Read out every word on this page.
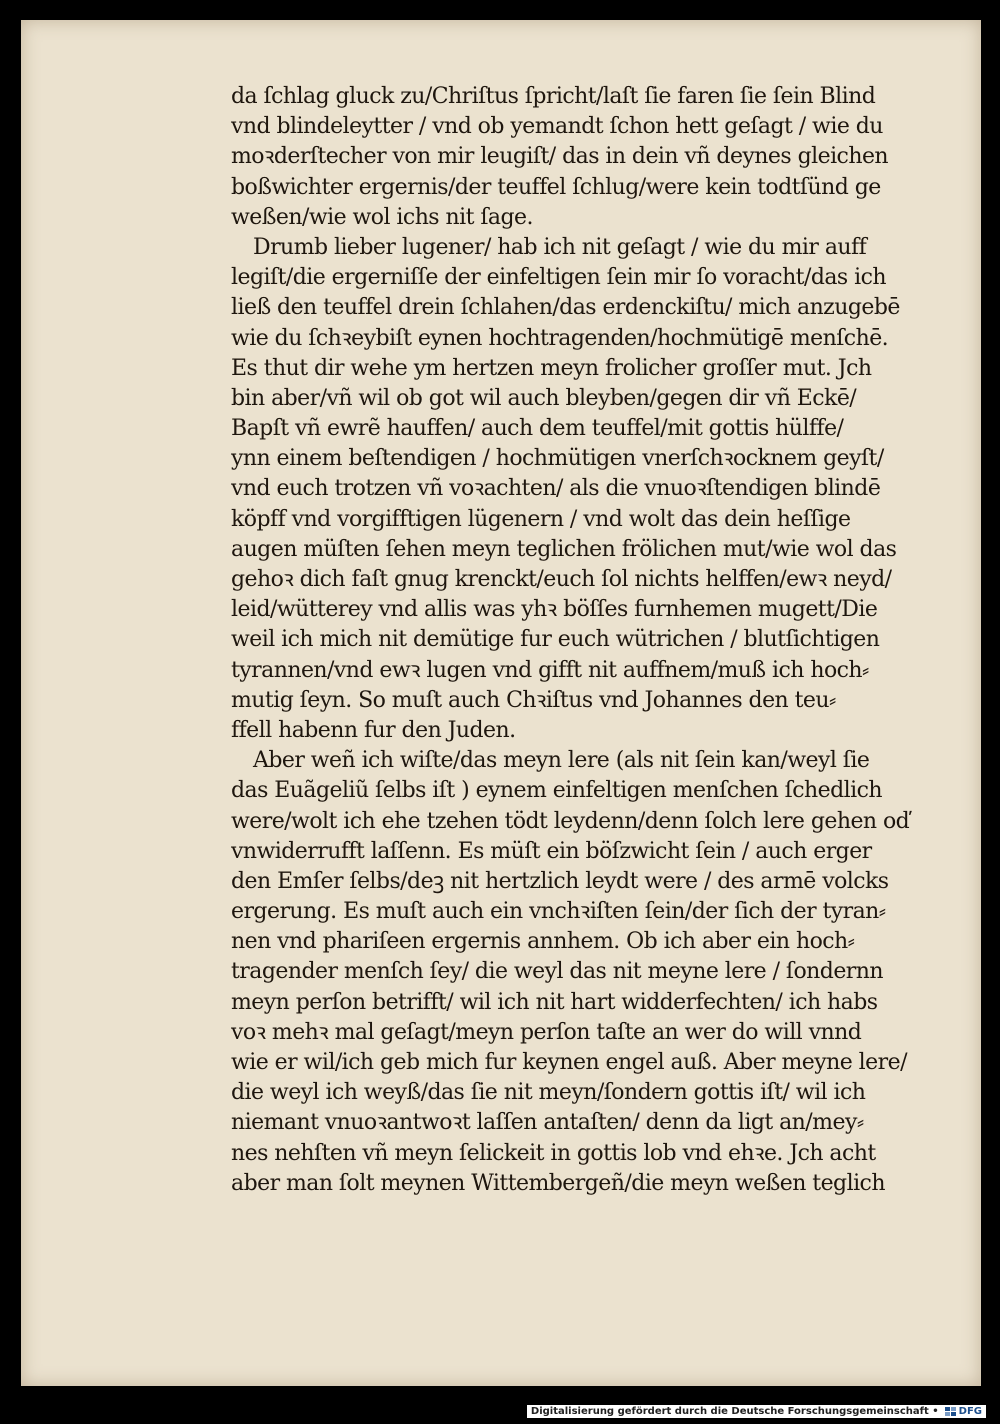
da ſchlag gluck zu/Chriſtus ſpricht/laſt ſie faren ſie ſein Blind
vnd blindeleytter / vnd ob yemandt ſchon hett geſagt / wie du
moꝛderſtecher von mir leugiſt/ das in dein vñ deynes gleichen
boßwichter ergernis/der teuffel ſchlug/were kein todtſünd ge
weßen/wie wol ichs nit ſage.
Drumb lieber lugener/ hab ich nit geſagt / wie du mir auff
legiſt/die ergerniſſe der einfeltigen ſein mir ſo voracht/das ich
ließ den teuffel drein ſchlahen/das erdenckiſtu/ mich anzugebē
wie du ſchꝛeybiſt eynen hochtragenden/hochmütigē menſchē.
Es thut dir wehe ym hertzen meyn frolicher groſſer mut. Jch
bin aber/vñ wil ob got wil auch bleyben/gegen dir vñ Eckē/
Bapſt vñ ewrẽ hauffen/ auch dem teuffel/mit gottis hülffe/
ynn einem beſtendigen / hochmütigen vnerſchꝛocknem geyſt/
vnd euch trotzen vñ voꝛachten/ als die vnuoꝛſtendigen blindē
köpff vnd vorgifftigen lügenern / vnd wolt das dein heſſige
augen müſten ſehen meyn teglichen frölichen mut/wie wol das
gehoꝛ dich faſt gnug krenckt/euch ſol nichts helffen/ewꝛ neyd/
leid/wütterey vnd allis was yhꝛ böſſes furnhemen mugett/Die
weil ich mich nit demütige fur euch wütrichen / blutſichtigen
tyrannen/vnd ewꝛ lugen vnd gifft nit auffnem/muß ich hoch⸗
mutig ſeyn. So muſt auch Chꝛiſtus vnd Johannes den teu⸗
ffell habenn fur den Juden.
Aber weñ ich wiſte/das meyn lere (als nit ſein kan/weyl ſie
das Euãgeliũ ſelbs iſt ) eynem einfeltigen menſchen ſchedlich
were/wolt ich ehe tzehen tödt leydenn/denn ſolch lere gehen oď
vnwiderrufft laſſenn. Es müſt ein böſzwicht ſein / auch erger
den Emſer ſelbs/deꝫ nit hertzlich leydt were / des armē volcks
ergerung. Es muſt auch ein vnchꝛiſten ſein/der ſich der tyran⸗
nen vnd phariſeen ergernis annhem. Ob ich aber ein hoch⸗
tragender menſch ſey/ die weyl das nit meyne lere / ſondernn
meyn perſon betrifft/ wil ich nit hart widderfechten/ ich habs
voꝛ mehꝛ mal geſagt/meyn perſon taſte an wer do will vnnd
wie er wil/ich geb mich fur keynen engel auß. Aber meyne lere/
die weyl ich weyß/das ſie nit meyn/ſondern gottis iſt/ wil ich
niemant vnuoꝛantwoꝛt laſſen antaſten/ denn da ligt an/mey⸗
nes nehſten vñ meyn ſelickeit in gottis lob vnd ehꝛe. Jch acht
aber man ſolt meynen Wittembergeñ/die meyn weßen teglich
Digitalisierung gefördert durch die Deutsche Forschungsgemeinschaft • DFG
